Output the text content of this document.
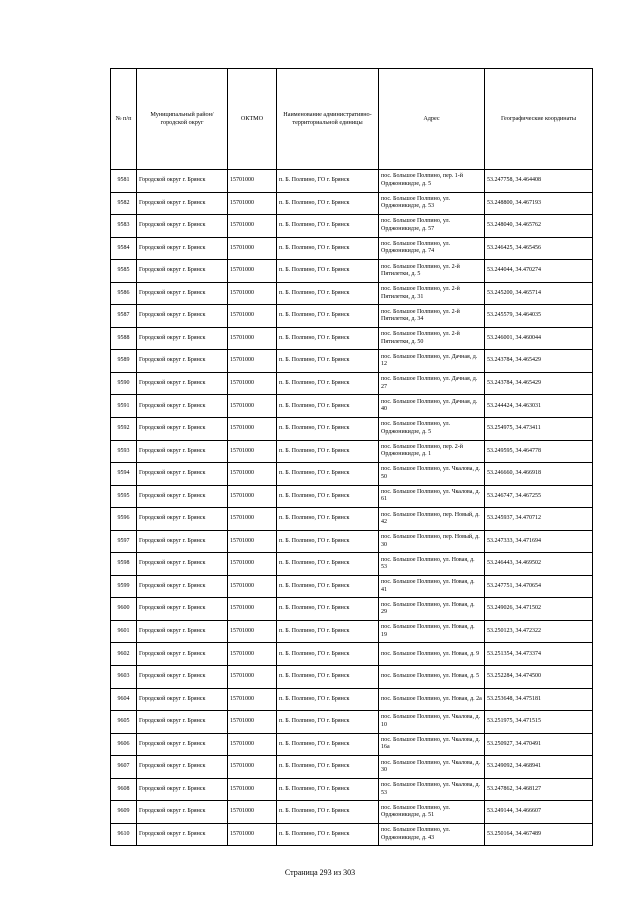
№ п/п	Муниципальный район/городской округ	ОКТМО	Наименование административно-территориальной единицы	Адрес	Географические координаты
9581	Городской округ г. Брянск	15701000	п. Б. Полпино, ГО г. Брянск	пос. Большое Полпино, пер. 1-й Орджоникидзе, д. 5	53.247758, 34.464408
9582	Городской округ г. Брянск	15701000	п. Б. Полпино, ГО г. Брянск	пос. Большое Полпино, ул. Орджоникидзе, д. 53	53.248800, 34.467193
9583	Городской округ г. Брянск	15701000	п. Б. Полпино, ГО г. Брянск	пос. Большое Полпино, ул. Орджоникидзе, д. 57	53.248040, 34.465762
9584	Городской округ г. Брянск	15701000	п. Б. Полпино, ГО г. Брянск	пос. Большое Полпино, ул. Орджоникидзе, д. 74	53.246425, 34.465456
9585	Городской округ г. Брянск	15701000	п. Б. Полпино, ГО г. Брянск	пос. Большое Полпино, ул. 2-й Пятилетки, д. 5	53.244044, 34.470274
9586	Городской округ г. Брянск	15701000	п. Б. Полпино, ГО г. Брянск	пос. Большое Полпино, ул. 2-й Пятилетки, д. 31	53.245200, 34.465714
9587	Городской округ г. Брянск	15701000	п. Б. Полпино, ГО г. Брянск	пос. Большое Полпино, ул. 2-й Пятилетки, д. 34	53.245579, 34.464035
9588	Городской округ г. Брянск	15701000	п. Б. Полпино, ГО г. Брянск	пос. Большое Полпино, ул. 2-й Пятилетки, д. 50	53.246001, 34.460044
9589	Городской округ г. Брянск	15701000	п. Б. Полпино, ГО г. Брянск	пос. Большое Полпино, ул. Дачная, д. 12	53.243784, 34.465429
9590	Городской округ г. Брянск	15701000	п. Б. Полпино, ГО г. Брянск	пос. Большое Полпино, ул. Дачная, д. 27	53.243784, 34.465429
9591	Городской округ г. Брянск	15701000	п. Б. Полпино, ГО г. Брянск	пос. Большое Полпино, ул. Дачная, д. 40	53.244424, 34.463031
9592	Городской округ г. Брянск	15701000	п. Б. Полпино, ГО г. Брянск	пос. Большое Полпино, ул. Орджоникидзе, д. 5	53.254975, 34.473411
9593	Городской округ г. Брянск	15701000	п. Б. Полпино, ГО г. Брянск	пос. Большое Полпино, пер. 2-й Орджоникидзе, д. 1	53.249595, 34.464778
9594	Городской округ г. Брянск	15701000	п. Б. Полпино, ГО г. Брянск	пос. Большое Полпино, ул. Чкалова, д. 50	53.246660, 34.466918
9595	Городской округ г. Брянск	15701000	п. Б. Полпино, ГО г. Брянск	пос. Большое Полпино, ул. Чкалова, д. 61	53.246747, 34.467255
9596	Городской округ г. Брянск	15701000	п. Б. Полпино, ГО г. Брянск	пос. Большое Полпино, пер. Новый, д. 42	53.245937, 34.470712
9597	Городской округ г. Брянск	15701000	п. Б. Полпино, ГО г. Брянск	пос. Большое Полпино, пер. Новый, д. 30	53.247333, 34.471694
9598	Городской округ г. Брянск	15701000	п. Б. Полпино, ГО г. Брянск	пос. Большое Полпино, ул. Новая, д. 53	53.246443, 34.469502
9599	Городской округ г. Брянск	15701000	п. Б. Полпино, ГО г. Брянск	пос. Большое Полпино, ул. Новая, д. 41	53.247751, 34.470654
9600	Городской округ г. Брянск	15701000	п. Б. Полпино, ГО г. Брянск	пос. Большое Полпино, ул. Новая, д. 29	53.249026, 34.471502
9601	Городской округ г. Брянск	15701000	п. Б. Полпино, ГО г. Брянск	пос. Большое Полпино, ул. Новая, д. 19	53.250123, 34.472322
9602	Городской округ г. Брянск	15701000	п. Б. Полпино, ГО г. Брянск	пос. Большое Полпино, ул. Новая, д. 9	53.251354, 34.473374
9603	Городской округ г. Брянск	15701000	п. Б. Полпино, ГО г. Брянск	пос. Большое Полпино, ул. Новая, д. 5	53.252284, 34.474500
9604	Городской округ г. Брянск	15701000	п. Б. Полпино, ГО г. Брянск	пос. Большое Полпино, ул. Новая, д. 2а	53.253648, 34.475181
9605	Городской округ г. Брянск	15701000	п. Б. Полпино, ГО г. Брянск	пос. Большое Полпино, ул. Чкалова, д. 10	53.251975, 34.471515
9606	Городской округ г. Брянск	15701000	п. Б. Полпино, ГО г. Брянск	пос. Большое Полпино, ул. Чкалова, д. 16а	53.250927, 34.470491
9607	Городской округ г. Брянск	15701000	п. Б. Полпино, ГО г. Брянск	пос. Большое Полпино, ул. Чкалова, д. 30	53.249092, 34.468941
9608	Городской округ г. Брянск	15701000	п. Б. Полпино, ГО г. Брянск	пос. Большое Полпино, ул. Чкалова, д. 53	53.247862, 34.468127
9609	Городской округ г. Брянск	15701000	п. Б. Полпино, ГО г. Брянск	пос. Большое Полпино, ул. Орджоникидзе, д. 51	53.249144, 34.466607
9610	Городской округ г. Брянск	15701000	п. Б. Полпино, ГО г. Брянск	пос. Большое Полпино, ул. Орджоникидзе, д. 43	53.250164, 34.467489
Страница 293 из 303
